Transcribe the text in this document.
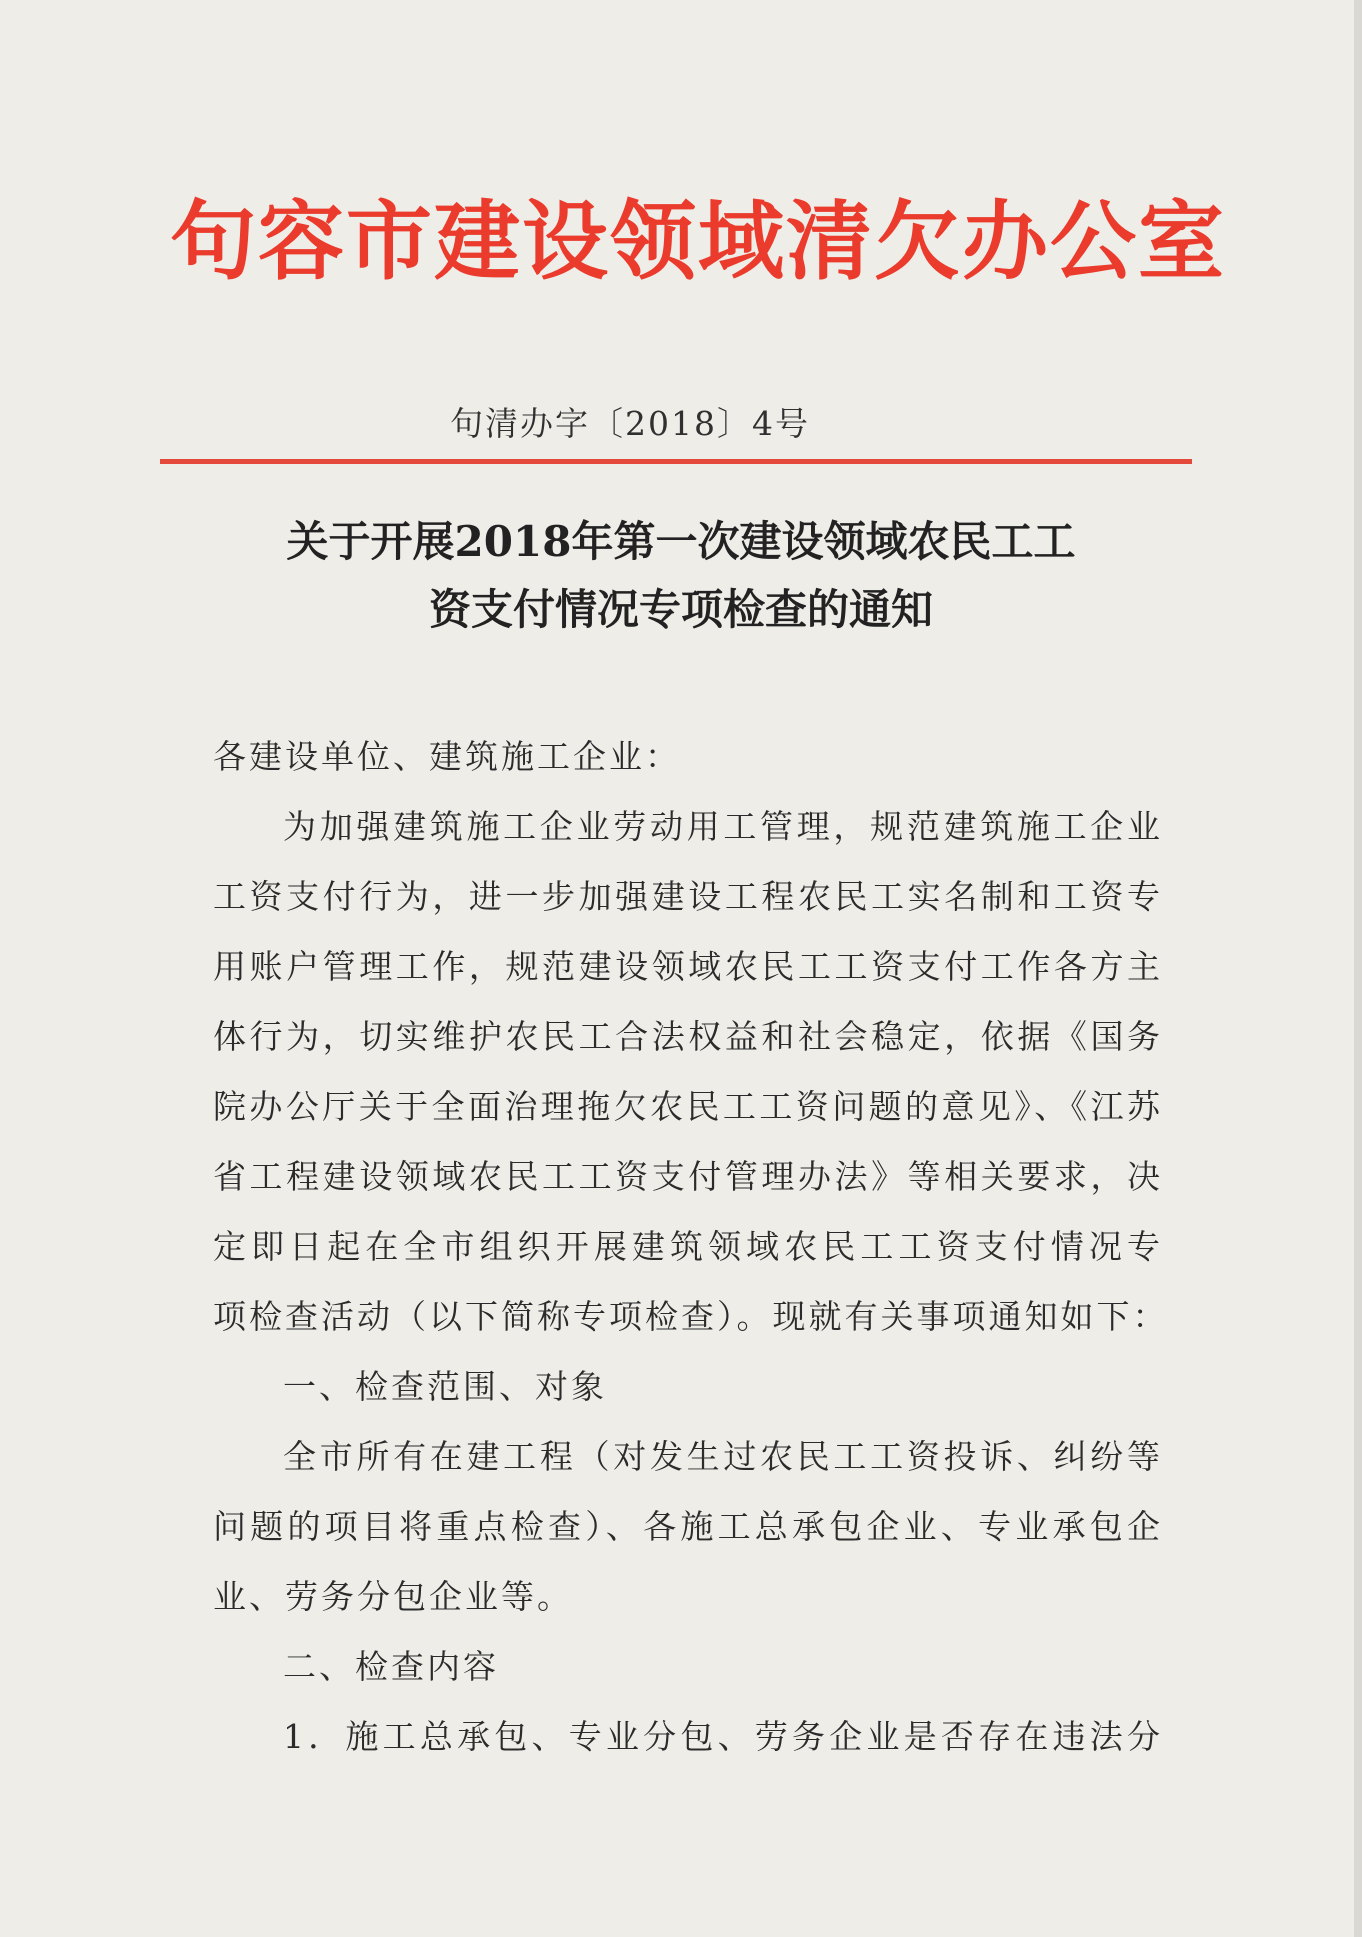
句容市建设领域清欠办公室
句清办字〔2018〕4号
关于开展2018年第一次建设领域农民工工
资支付情况专项检查的通知
各建设单位、建筑施工企业：
为加强建筑施工企业劳动用工管理，规范建筑施工企业
工资支付行为，进一步加强建设工程农民工实名制和工资专
用账户管理工作，规范建设领域农民工工资支付工作各方主
体行为，切实维护农民工合法权益和社会稳定，依据《国务
院办公厅关于全面治理拖欠农民工工资问题的意见》、《江苏
省工程建设领域农民工工资支付管理办法》等相关要求，决
定即日起在全市组织开展建筑领域农民工工资支付情况专
项检查活动（以下简称专项检查）。现就有关事项通知如下：
一、检查范围、对象
全市所有在建工程（对发生过农民工工资投诉、纠纷等
问题的项目将重点检查）、各施工总承包企业、专业承包企
业、劳务分包企业等。
二、检查内容
1．施工总承包、专业分包、劳务企业是否存在违法分
